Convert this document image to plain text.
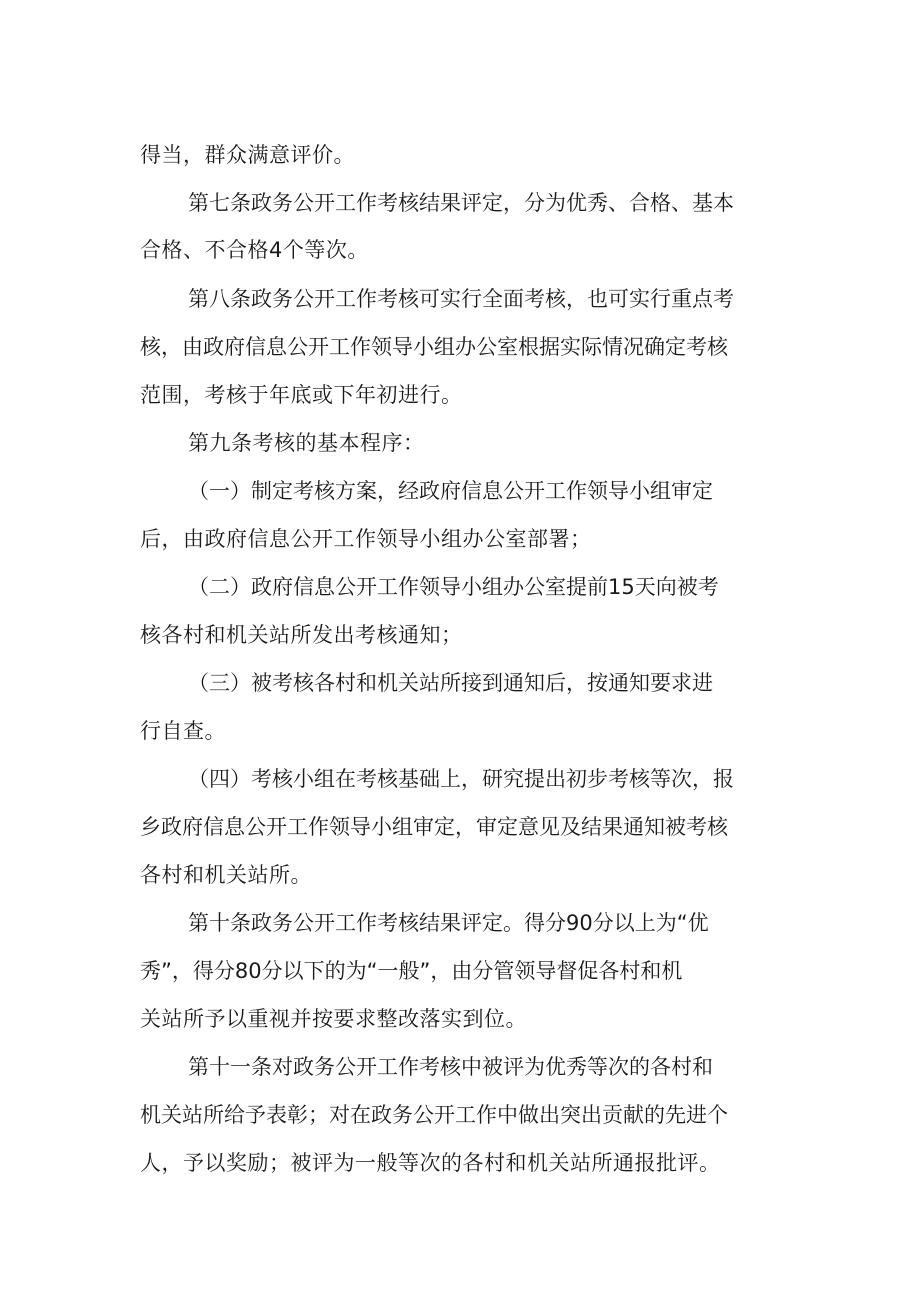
得当，群众满意评价。

第七条政务公开工作考核结果评定，分为优秀、合格、基本

合格、不合格4个等次。

第八条政务公开工作考核可实行全面考核，也可实行重点考

核，由政府信息公开工作领导小组办公室根据实际情况确定考核

范围，考核于年底或下年初进行。

第九条考核的基本程序：

（一）制定考核方案，经政府信息公开工作领导小组审定

后，由政府信息公开工作领导小组办公室部署；

（二）政府信息公开工作领导小组办公室提前15天向被考

核各村和机关站所发出考核通知；

（三）被考核各村和机关站所接到通知后，按通知要求进

行自查。

（四）考核小组在考核基础上，研究提出初步考核等次，报

乡政府信息公开工作领导小组审定，审定意见及结果通知被考核

各村和机关站所。

第十条政务公开工作考核结果评定。得分90分以上为“优

秀”，得分80分以下的为“一般”，由分管领导督促各村和机

关站所予以重视并按要求整改落实到位。

第十一条对政务公开工作考核中被评为优秀等次的各村和

机关站所给予表彰；对在政务公开工作中做出突出贡献的先进个

人，予以奖励；被评为一般等次的各村和机关站所通报批评。
